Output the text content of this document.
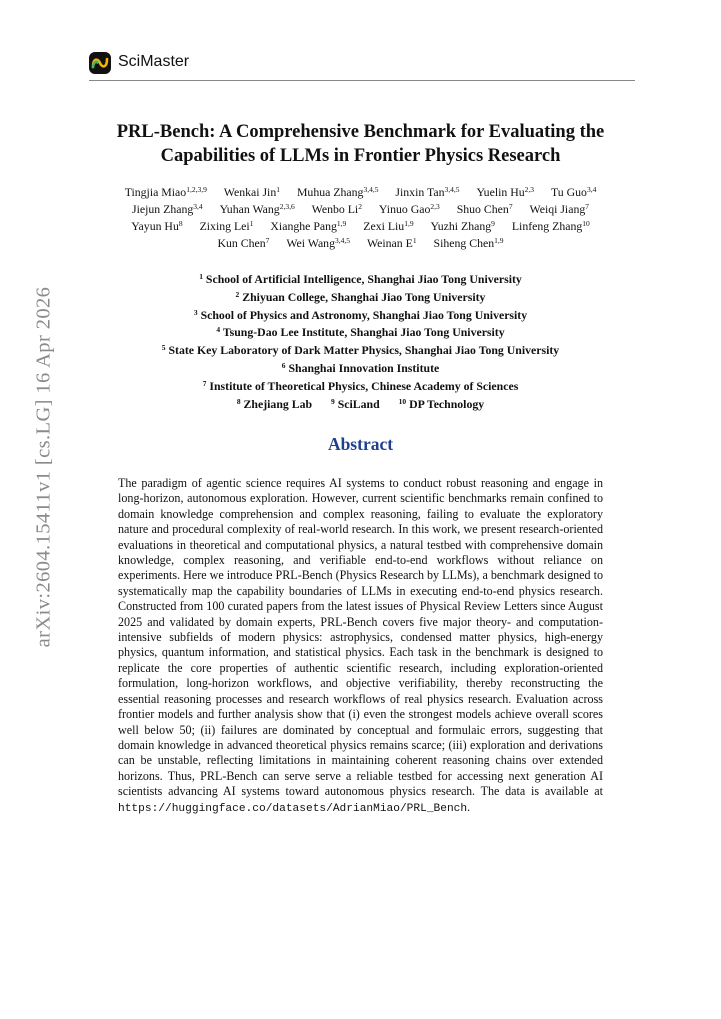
SciMaster
arXiv:2604.15411v1 [cs.LG] 16 Apr 2026
PRL-Bench: A Comprehensive Benchmark for Evaluating the
Capabilities of LLMs in Frontier Physics Research
Tingjia Miao$^{1,2,3,9}$ Wenkai Jin$^1$ Muhua Zhang$^{3,4,5}$ Jinxin Tan$^{3,4,5}$ Yuelin Hu$^{2,3}$ Tu Guo$^{3,4}$
Jiejun Zhang$^{3,4}$ Yuhan Wang$^{2,3,6}$ Wenbo Li$^2$ Yinuo Gao$^{2,3}$ Shuo Chen$^7$ Weiqi Jiang$^7$
Yayun Hu$^8$ Zixing Lei$^1$ Xianghe Pang$^{1,9}$ Zexi Liu$^{1,9}$ Yuzhi Zhang$^9$ Linfeng Zhang$^{10}$
Kun Chen$^7$ Wei Wang$^{3,4,5}$ Weinan $E^1$ Siheng Chen$^{1,9}$
$^1$ School of Artificial Intelligence, Shanghai Jiao Tong University
$^2$ Zhiyuan College, Shanghai Jiao Tong University
$^3$ School of Physics and Astronomy, Shanghai Jiao Tong University
$^4$ Tsung-Dao Lee Institute, Shanghai Jiao Tong University
$^5$ State Key Laboratory of Dark Matter Physics, Shanghai Jiao Tong University
$^6$ Shanghai Innovation Institute
$^7$ Institute of Theoretical Physics, Chinese Academy of Sciences
$^8$ Zhejiang Lab	$^9$ SciLand	$^{10}$ DP Technology
Abstract

The paradigm of agentic science requires AI systems to conduct robust reasoning and engage in long-horizon, autonomous exploration. However, current scientific benchmarks remain confined to domain knowledge comprehension and complex reasoning, failing to evaluate the exploratory nature and procedural complexity of real-world research. In this work, we present research-oriented evaluations in theoretical and computational physics, a natural testbed with comprehensive domain knowledge, complex reasoning, and verifiable end-to-end workflows without reliance on experiments. Here we introduce PRL-Bench (Physics Research by LLMs), a benchmark designed to systematically map the capability boundaries of LLMs in executing end-to-end physics research. Constructed from 100 curated papers from the latest issues of Physical Review Letters since August 2025 and validated by domain experts, PRL-Bench covers five major theory- and computation-intensive subfields of modern physics: astrophysics, condensed matter physics, high-energy physics, quantum information, and statistical physics. Each task in the benchmark is designed to replicate the core properties of authentic scientific research, including exploration-oriented formulation, long-horizon workflows, and objective verifiability, thereby reconstructing the essential reasoning processes and research workflows of real physics research. Evaluation across frontier models and further analysis show that (i) even the strongest models achieve overall scores well below 50; (ii) failures are dominated by conceptual and formulaic errors, suggesting that domain knowledge in advanced theoretical physics remains scarce; (iii) exploration and derivations can be unstable, reflecting limitations in maintaining coherent reasoning chains over extended horizons. Thus, PRL-Bench can serve serve a reliable testbed for accessing next generation AI scientists advancing AI systems toward autonomous physics research. The data is available at https://huggingface.co/datasets/AdrianMiao/PRL_Bench.
